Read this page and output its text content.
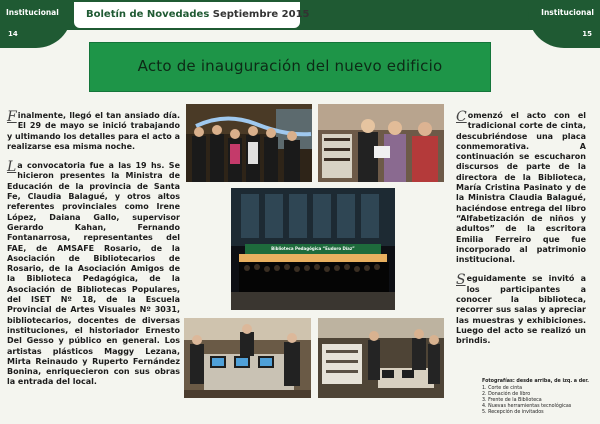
Institucional	Institucional
14	15
Boletín de Novedades Septiembre 2015
Acto de inauguración del nuevo edificio

Finalmente, llegó el tan ansiado día. El 29 de mayo se inició trabajando y ultimando los detalles para el acto a realizarse esa misma noche.

La convocatoria fue a las 19 hs. Se hicieron presentes la Ministra de Educación de la provincia de Santa Fe, Claudia Balagué, y otros altos referentes provinciales como Irene López, Daiana Gallo, supervisor Gerardo Kahan, Fernando Fontanarrosa, representantes del FAE, de AMSAFE Rosario, de la Asociación de Bibliotecarios de Rosario, de la Asociación Amigos de la Biblioteca Pedagógica, de la Asociación de Bibliotecas Populares, del ISET Nº 18, de la Escuela Provincial de Artes Visuales Nº 3031, bibliotecarios, docentes de diversas instituciones, el historiador Ernesto Del Gesso y público en general. Los artistas plásticos Maggy Lezana, Mirta Reinaudo y Ruperto Fernández Bonina, enriquecieron con sus obras la entrada del local.

Comenzó el acto con el tradicional corte de cinta, descubriéndose una placa conmemorativa. A continuación se escucharon discursos de parte de la directora de la Biblioteca, María Cristina Pasinato y de la Ministra Claudia Balagué, haciéndose entrega del libro “Alfabetización de niños y adultos” de la escritora Emilia Ferreiro que fue incorporado al patrimonio institucional.

Seguidamente se invitó a los participantes a conocer la biblioteca, recorrer sus salas y apreciar las muestras y exhibiciones. Luego del acto se realizó un brindis.

Biblioteca Pedagógica “Eudoro Díaz”
Fotografías: desde arriba, de izq. a der.
1. Corte de cinta
2. Donación de libro
3. Frente de la Biblioteca
4. Nuevas herramientas tecnológicas
5. Recepción de invitados
